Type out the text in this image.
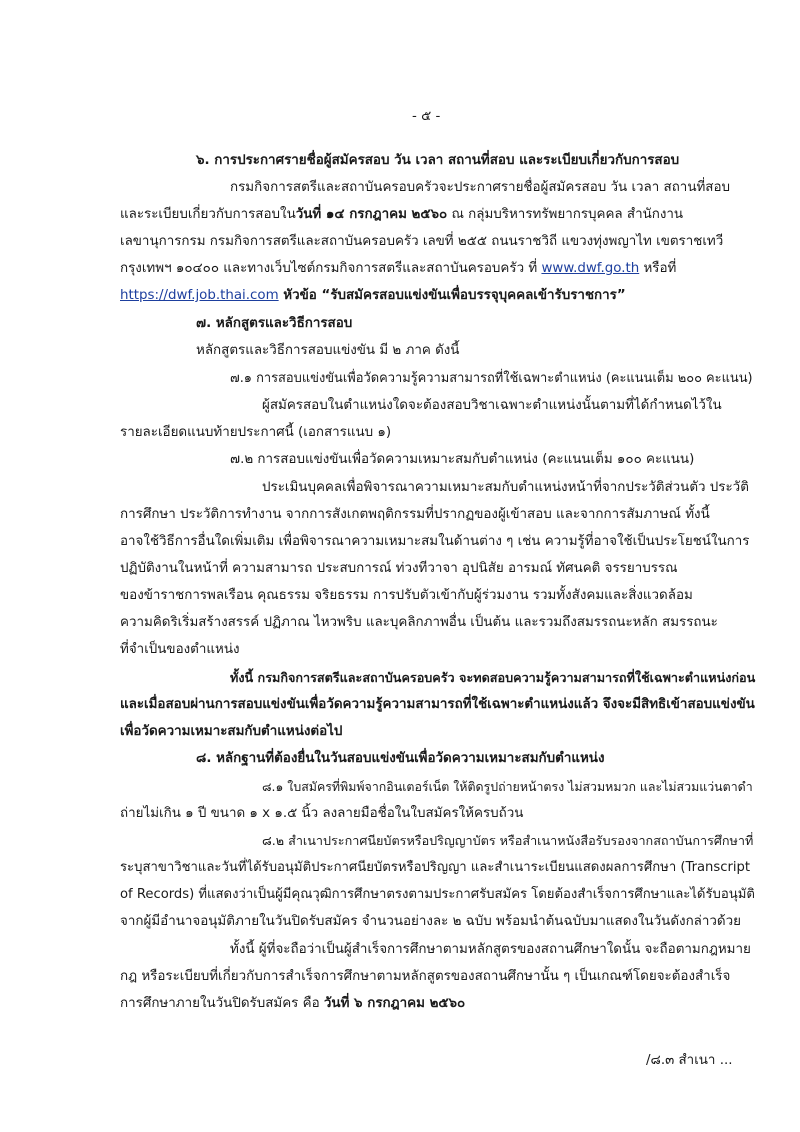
- ๕ -
๖. การประกาศรายชื่อผู้สมัครสอบ วัน เวลา สถานที่สอบ และระเบียบเกี่ยวกับการสอบ
กรมกิจการสตรีและสถาบันครอบครัวจะประกาศรายชื่อผู้สมัครสอบ วัน เวลา สถานที่สอบ
และระเบียบเกี่ยวกับการสอบในวันที่ ๑๔ กรกฎาคม ๒๕๖๐ ณ กลุ่มบริหารทรัพยากรบุคคล สำนักงาน
เลขานุการกรม กรมกิจการสตรีและสถาบันครอบครัว เลขที่ ๒๕๕ ถนนราชวิถี แขวงทุ่งพญาไท เขตราชเทวี
กรุงเทพฯ ๑๐๔๐๐ และทางเว็บไซต์กรมกิจการสตรีและสถาบันครอบครัว ที่ www.dwf.go.th หรือที่
https://dwf.job.thai.com หัวข้อ “รับสมัครสอบแข่งขันเพื่อบรรจุบุคคลเข้ารับราชการ”
๗. หลักสูตรและวิธีการสอบ
หลักสูตรและวิธีการสอบแข่งขัน มี ๒ ภาค ดังนี้
๗.๑ การสอบแข่งขันเพื่อวัดความรู้ความสามารถที่ใช้เฉพาะตำแหน่ง (คะแนนเต็ม ๒๐๐ คะแนน)
ผู้สมัครสอบในตำแหน่งใดจะต้องสอบวิชาเฉพาะตำแหน่งนั้นตามที่ได้กำหนดไว้ใน
รายละเอียดแนบท้ายประกาศนี้ (เอกสารแนบ ๑)
๗.๒ การสอบแข่งขันเพื่อวัดความเหมาะสมกับตำแหน่ง (คะแนนเต็ม ๑๐๐ คะแนน)
ประเมินบุคคลเพื่อพิจารณาความเหมาะสมกับตำแหน่งหน้าที่จากประวัติส่วนตัว ประวัติ
การศึกษา ประวัติการทำงาน จากการสังเกตพฤติกรรมที่ปรากฏของผู้เข้าสอบ และจากการสัมภาษณ์ ทั้งนี้
อาจใช้วิธีการอื่นใดเพิ่มเติม เพื่อพิจารณาความเหมาะสมในด้านต่าง ๆ เช่น ความรู้ที่อาจใช้เป็นประโยชน์ในการ
ปฏิบัติงานในหน้าที่ ความสามารถ ประสบการณ์ ท่วงทีวาจา อุปนิสัย อารมณ์ ทัศนคติ จรรยาบรรณ
ของข้าราชการพลเรือน คุณธรรม จริยธรรม การปรับตัวเข้ากับผู้ร่วมงาน รวมทั้งสังคมและสิ่งแวดล้อม
ความคิดริเริ่มสร้างสรรค์ ปฏิภาณ ไหวพริบ และบุคลิกภาพอื่น เป็นต้น และรวมถึงสมรรถนะหลัก สมรรถนะ
ที่จำเป็นของตำแหน่ง
ทั้งนี้ กรมกิจการสตรีและสถาบันครอบครัว จะทดสอบความรู้ความสามารถที่ใช้เฉพาะตำแหน่งก่อน
และเมื่อสอบผ่านการสอบแข่งขันเพื่อวัดความรู้ความสามารถที่ใช้เฉพาะตำแหน่งแล้ว จึงจะมีสิทธิเข้าสอบแข่งขัน
เพื่อวัดความเหมาะสมกับตำแหน่งต่อไป
๘. หลักฐานที่ต้องยื่นในวันสอบแข่งขันเพื่อวัดความเหมาะสมกับตำแหน่ง
๘.๑ ใบสมัครที่พิมพ์จากอินเตอร์เน็ต ให้ติดรูปถ่ายหน้าตรง ไม่สวมหมวก และไม่สวมแว่นตาดำ
ถ่ายไม่เกิน ๑ ปี ขนาด ๑ x ๑.๕ นิ้ว ลงลายมือชื่อในใบสมัครให้ครบถ้วน
๘.๒ สำเนาประกาศนียบัตรหรือปริญญาบัตร หรือสำเนาหนังสือรับรองจากสถาบันการศึกษาที่
ระบุสาขาวิชาและวันที่ได้รับอนุมัติประกาศนียบัตรหรือปริญญา และสำเนาระเบียนแสดงผลการศึกษา (Transcript
of Records) ที่แสดงว่าเป็นผู้มีคุณวุฒิการศึกษาตรงตามประกาศรับสมัคร โดยต้องสำเร็จการศึกษาและได้รับอนุมัติ
จากผู้มีอำนาจอนุมัติภายในวันปิดรับสมัคร จำนวนอย่างละ ๒ ฉบับ พร้อมนำต้นฉบับมาแสดงในวันดังกล่าวด้วย
ทั้งนี้ ผู้ที่จะถือว่าเป็นผู้สำเร็จการศึกษาตามหลักสูตรของสถานศึกษาใดนั้น จะถือตามกฎหมาย
กฎ หรือระเบียบที่เกี่ยวกับการสำเร็จการศึกษาตามหลักสูตรของสถานศึกษานั้น ๆ เป็นเกณฑ์โดยจะต้องสำเร็จ
การศึกษาภายในวันปิดรับสมัคร คือ วันที่ ๖ กรกฎาคม ๒๕๖๐
/๘.๓ สำเนา ...
